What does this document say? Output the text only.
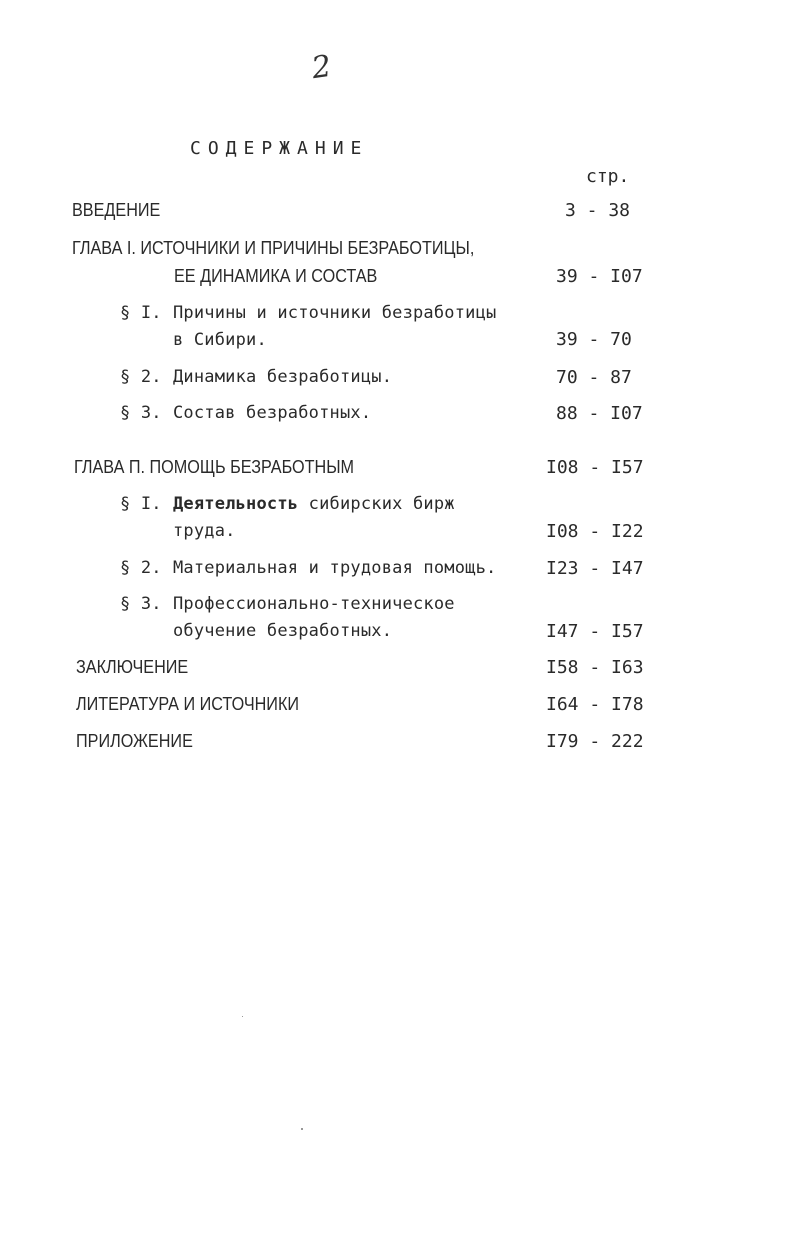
2
СОДЕРЖАНИЕ
стр.
ВВЕДЕНИЕ	3 - 38
ГЛАВА I. ИСТОЧНИКИ И ПРИЧИНЫ БЕЗРАБОТИЦЫ,
ЕЕ ДИНАМИКА И СОСТАВ	39 - I07
§ I. Причины и источники безработицы
в Сибири.	39 - 70
§ 2. Динамика безработицы.	70 - 87
§ 3. Состав безработных.	88 - I07
ГЛАВА П. ПОМОЩЬ БЕЗРАБОТНЫМ	I08 - I57
§ I. Деятельность сибирских бирж
труда.	I08 - I22
§ 2. Материальная и трудовая помощь.	I23 - I47
§ 3. Профессионально-техническое
обучение безработных.	I47 - I57
ЗАКЛЮЧЕНИЕ	I58 - I63
ЛИТЕРАТУРА И ИСТОЧНИКИ	I64 - I78
ПРИЛОЖЕНИЕ	I79 - 222
